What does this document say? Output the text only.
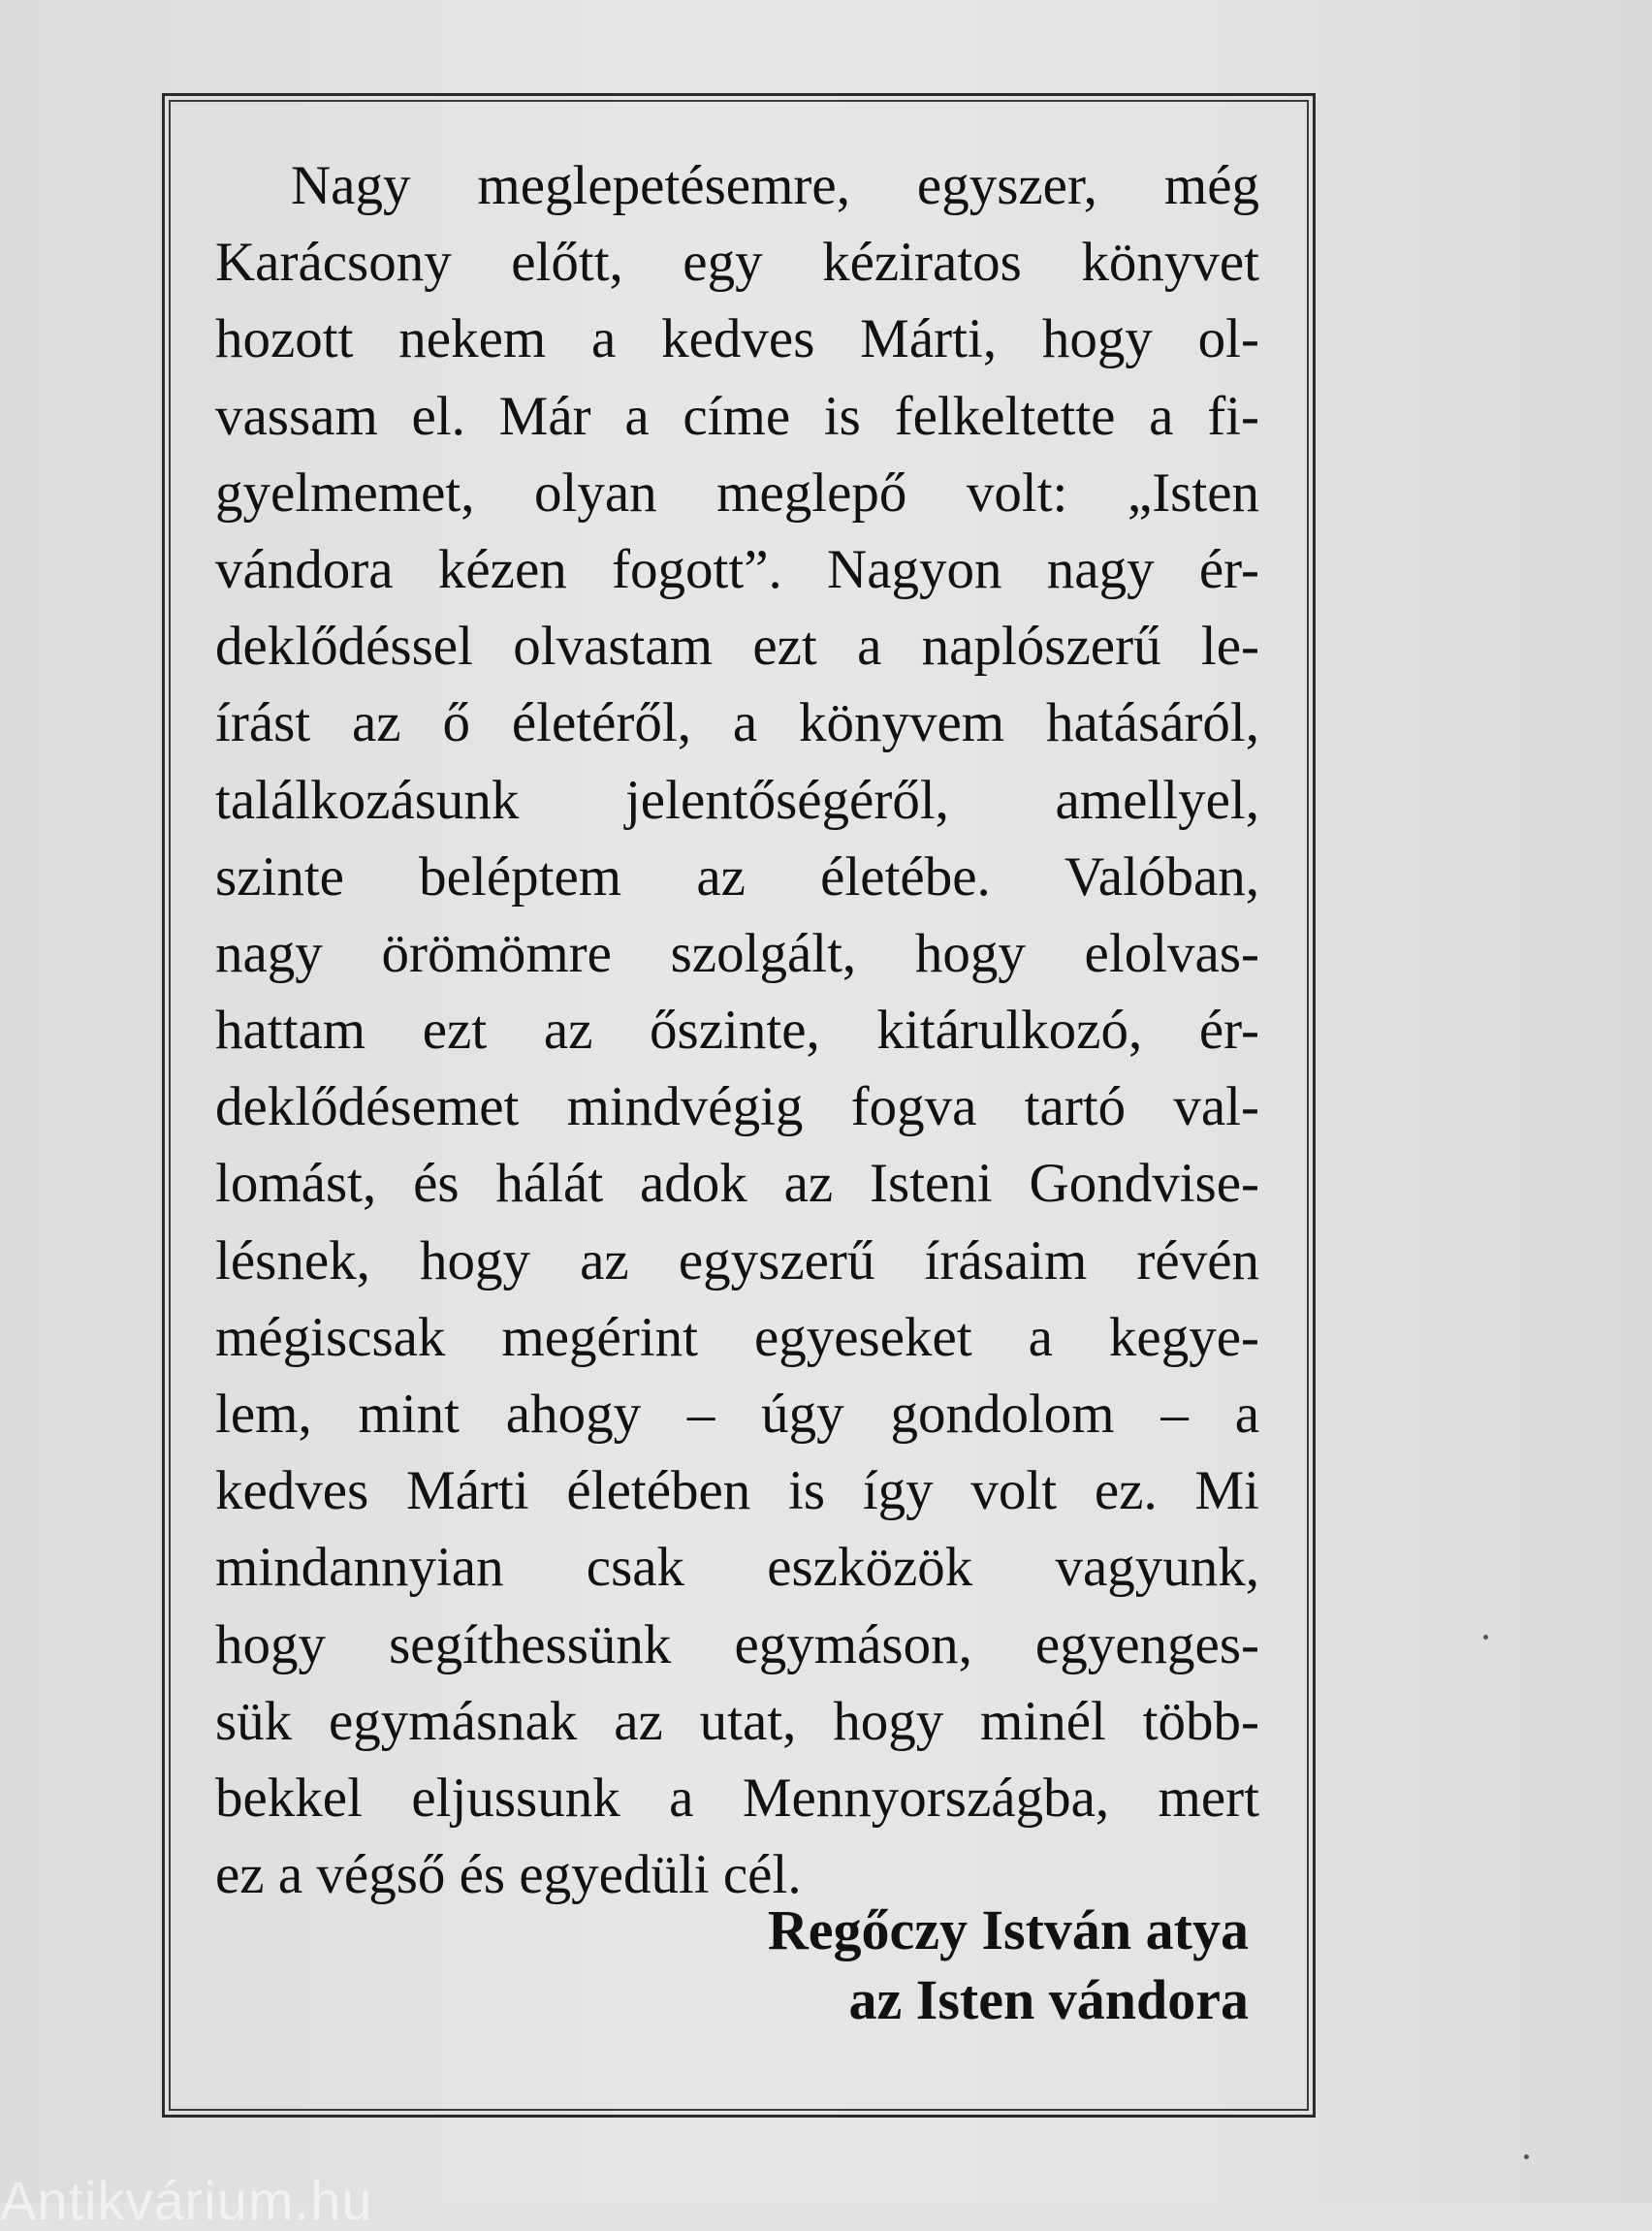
Nagy meglepetésemre, egyszer, még
Karácsony előtt, egy kéziratos könyvet
hozott nekem a kedves Márti, hogy ol-
vassam el. Már a címe is felkeltette a fi-
gyelmemet, olyan meglepő volt: „Isten
vándora kézen fogott”. Nagyon nagy ér-
deklődéssel olvastam ezt a naplószerű le-
írást az ő életéről, a könyvem hatásáról,
találkozásunk jelentőségéről, amellyel,
szinte beléptem az életébe. Valóban,
nagy örömömre szolgált, hogy elolvas-
hattam ezt az őszinte, kitárulkozó, ér-
deklődésemet mindvégig fogva tartó val-
lomást, és hálát adok az Isteni Gondvise-
lésnek, hogy az egyszerű írásaim révén
mégiscsak megérint egyeseket a kegye-
lem, mint ahogy – úgy gondolom – a
kedves Márti életében is így volt ez. Mi
mindannyian csak eszközök vagyunk,
hogy segíthessünk egymáson, egyenges-
sük egymásnak az utat, hogy minél több-
bekkel eljussunk a Mennyországba, mert
ez a végső és egyedüli cél.
Regőczy István atya
az Isten vándora
Antikvárium.hu
